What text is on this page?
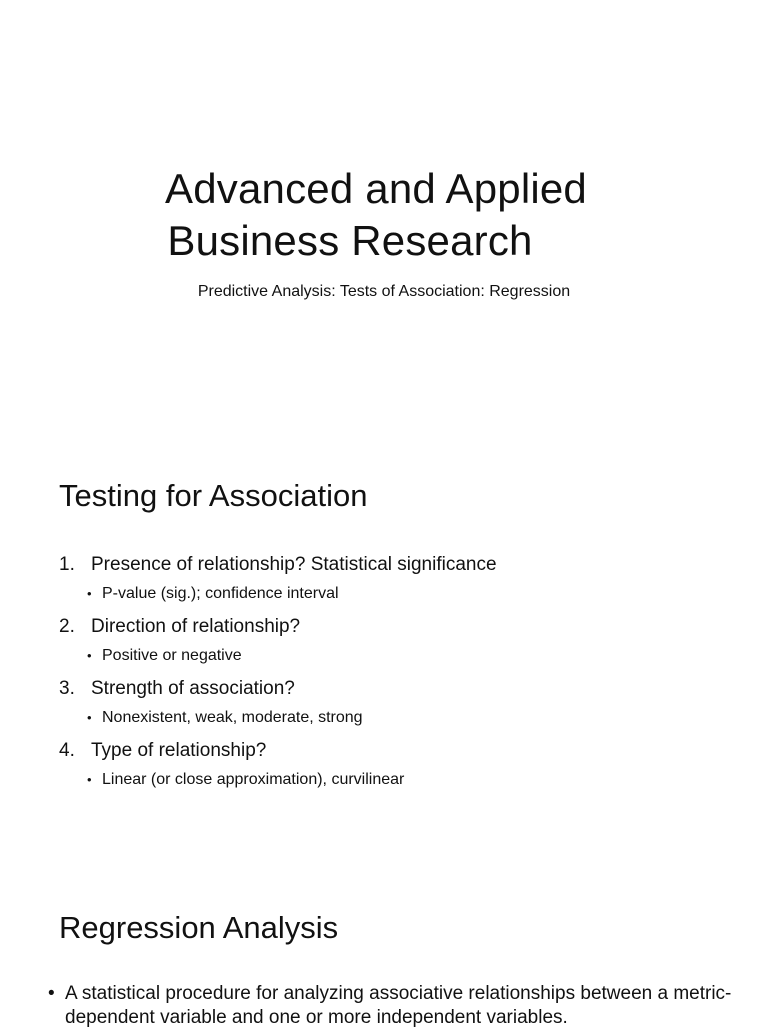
Advanced and Applied
Business Research

Predictive Analysis: Tests of Association: Regression

Testing for Association
1. Presence of relationship? Statistical significance
• P-value (sig.); confidence interval
2. Direction of relationship?
• Positive or negative
3. Strength of association?
• Nonexistent, weak, moderate, strong
4. Type of relationship?
• Linear (or close approximation), curvilinear
Regression Analysis

• A statistical procedure for analyzing associative relationships between a metric-dependent variable and one or more independent variables.
